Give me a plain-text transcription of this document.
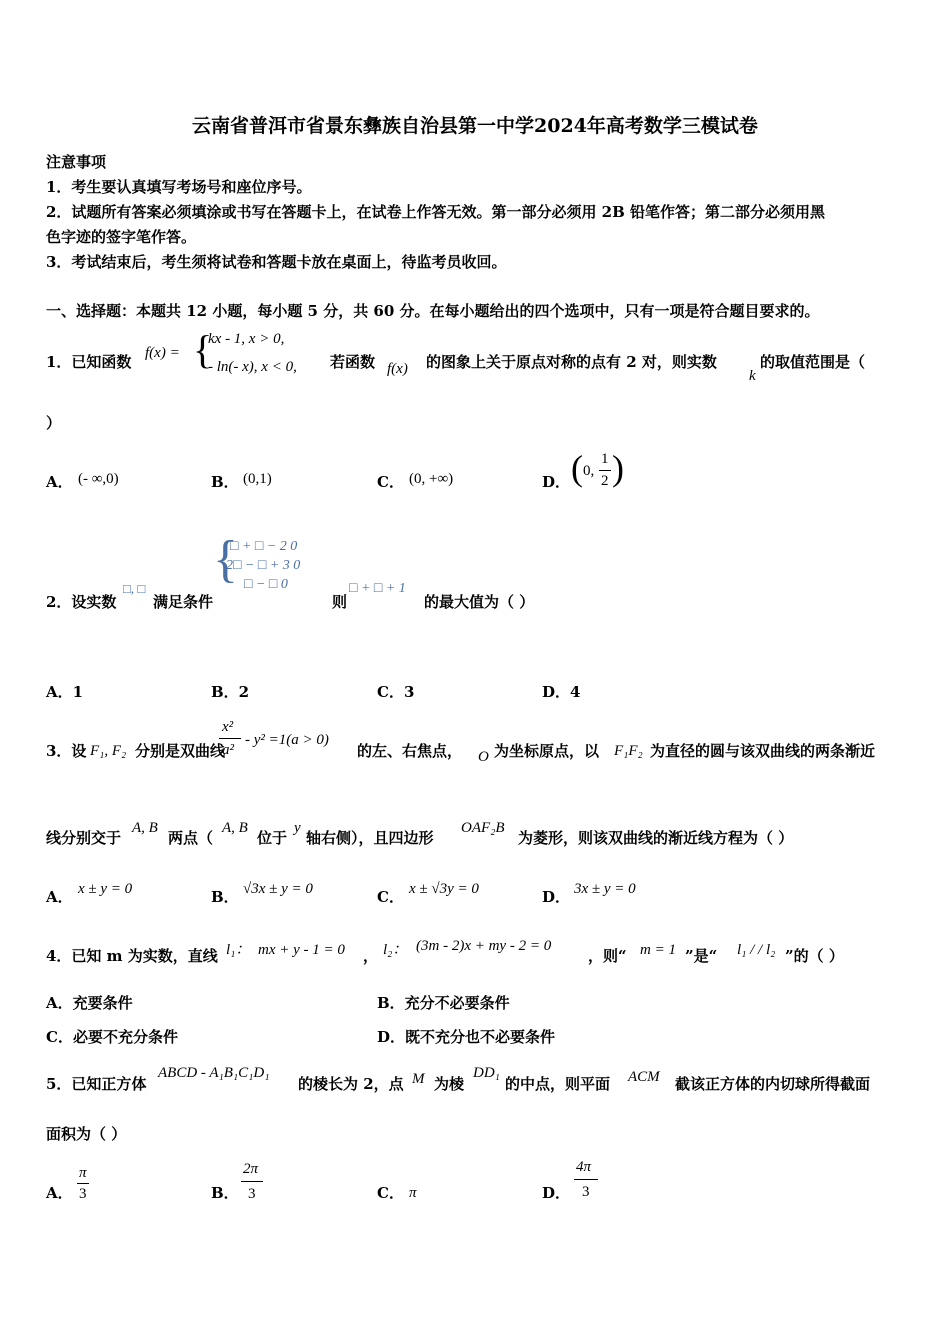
云南省普洱市省景东彝族自治县第一中学2024年高考数学三模试卷
注意事项
1．考生要认真填写考场号和座位序号。
2．试题所有答案必须填涂或书写在答题卡上，在试卷上作答无效。第一部分必须用 2B 铅笔作答；第二部分必须用黑
色字迹的签字笔作答。
3．考试结束后，考生须将试卷和答题卡放在桌面上，待监考员收回。
一、选择题：本题共 12 小题，每小题 5 分，共 60 分。在每小题给出的四个选项中，只有一项是符合题目要求的。
1．已知函数 f(x) = {
kx - 1, x > 0,
- ln(- x), x < 0, 若函数 f(x) 的图象上关于原点对称的点有 2 对，则实数
k
的取值范围是（
）
A． (- ∞,0)	B． (0,1)	C． (0, +∞)	D． ( 0,
1
2 )
2．设实数
□, □
满足条件
{
□ + □ − 2 0
2□ − □ + 3 0
□ − □ 0
则
□ + □ + 1
的最大值为（ ）
A．1	B．2	C．3	D．4
3．设 F₁, F₂ 分别是双曲线
x²
a²
- y² =1(a > 0)
的左、右焦点， O 为坐标原点，以 F₁F₂ 为直径的圆与该双曲线的两条渐近
线分别交于
A, B
两点（
A, B
位于
y
轴右侧），且四边形
OAF₂B
为菱形，则该双曲线的渐近线方程为（ ）
A． x ± y = 0	B． √3x ± y = 0	C． x ± √3y = 0	D． 3x ± y = 0
4．已知 m 为实数，直线 l₁： mx + y - 1 = 0 ， l₂： (3m - 2)x + my - 2 = 0
，则“ m = 1 ”是“ l₁ / / l₂ ”的（ ）
A．充要条件	B．充分不必要条件
C．必要不充分条件	D．既不充分也不必要条件
5．已知正方体
ABCD - A₁B₁C₁D₁
的棱长为 2，点 M 为棱
DD₁
的中点，则平面 ACM 截该正方体的内切球所得截面
面积为（ ）
A．
π
3	B．
2π
3	C． π	D．
4π
3
